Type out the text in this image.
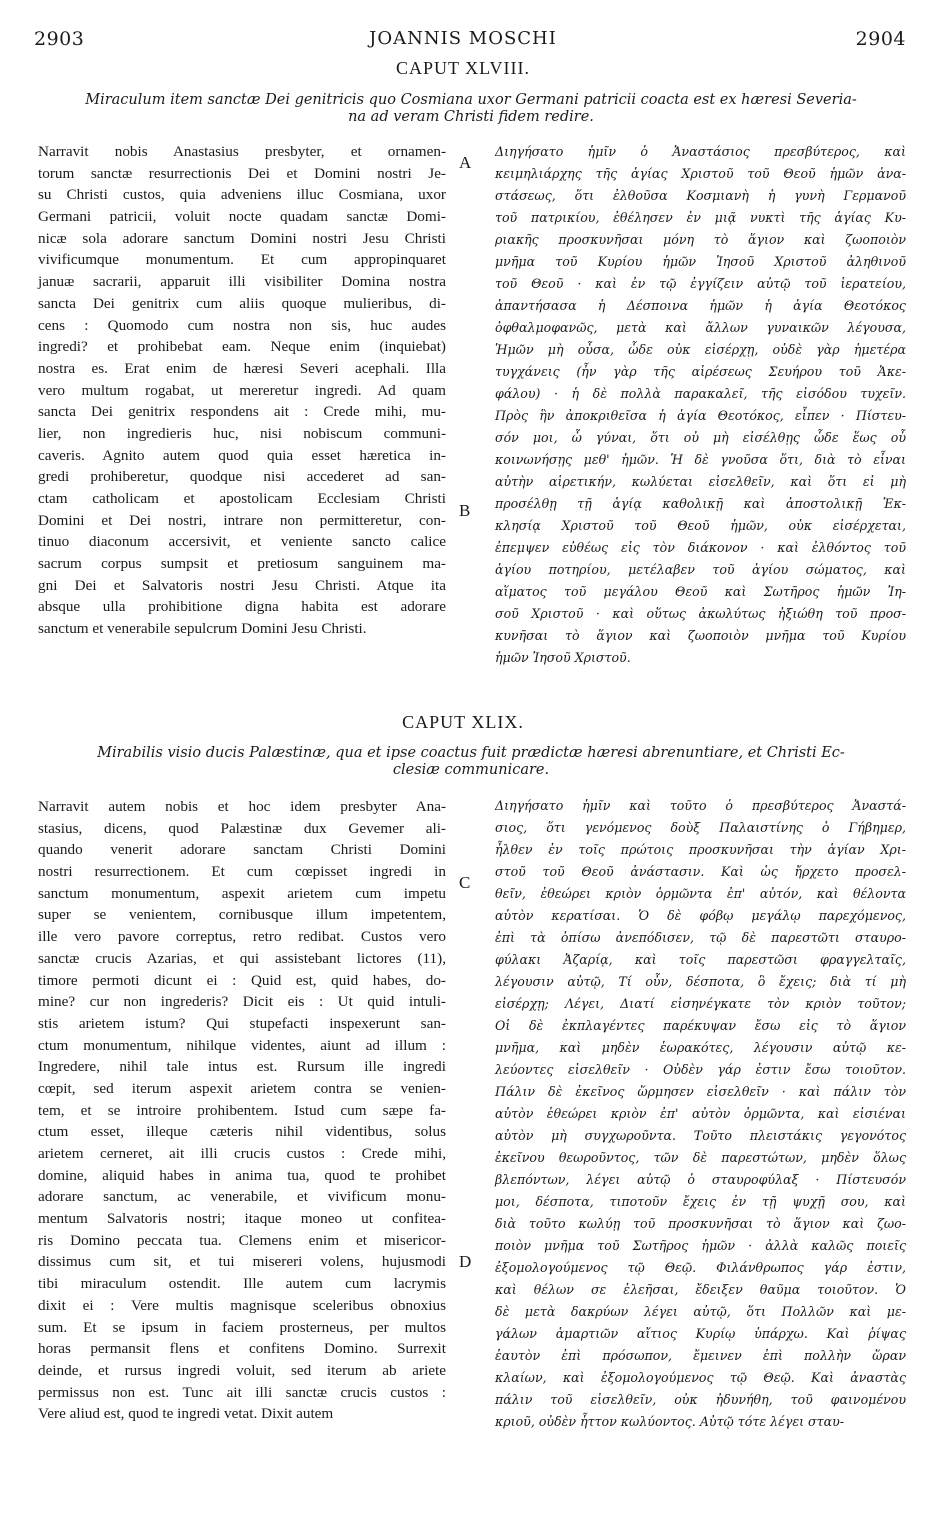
2903	JOANNIS MOSCHI	2904
CAPUT XLVIII.
Miraculum item sanctæ Dei genitricis quo Cosmiana uxor Germani patricii coacta est ex hæresi Severia-
na ad veram Christi fidem redire.
Narravit nobis Anastasius presbyter, et ornamen-
torum sanctæ resurrectionis Dei et Domini nostri Je-
su Christi custos, quia adveniens illuc Cosmiana, uxor
Germani patricii, voluit nocte quadam sanctæ Domi-
nicæ sola adorare sanctum Domini nostri Jesu Christi
vivificumque monumentum. Et cum appropinquaret
januæ sacrarii, apparuit illi visibiliter Domina nostra
sancta Dei genitrix cum aliis quoque mulieribus, di-
cens : Quomodo cum nostra non sis, huc audes
ingredi? et prohibebat eam. Neque enim (inquiebat)
nostra es. Erat enim de hæresi Severi acephali. Illa
vero multum rogabat, ut mereretur ingredi. Ad quam
sancta Dei genitrix respondens ait : Crede mihi, mu-
lier, non ingredieris huc, nisi nobiscum communi-
caveris. Agnito autem quod quia esset hæretica in-
gredi prohiberetur, quodque nisi accederet ad san-
ctam catholicam et apostolicam Ecclesiam Christi
Domini et Dei nostri, intrare non permitteretur, con-
tinuo diaconum accersivit, et veniente sancto calice
sacrum corpus sumpsit et pretiosum sanguinem ma-
gni Dei et Salvatoris nostri Jesu Christi. Atque ita
absque ulla prohibitione digna habita est adorare
sanctum et venerabile sepulcrum Domini Jesu Christi.
Διηγήσατο ἡμῖν ὁ Ἀναστάσιος πρεσβύτερος, καὶ
κειμηλιάρχης τῆς ἁγίας Χριστοῦ τοῦ Θεοῦ ἡμῶν ἀνα-
στάσεως, ὅτι ἐλθοῦσα Κοσμιανὴ ἡ γυνὴ Γερμανοῦ
τοῦ πατρικίου, ἐθέλησεν ἐν μιᾷ νυκτὶ τῆς ἁγίας Κυ-
ριακῆς προσκυνῆσαι μόνη τὸ ἅγιον καὶ ζωοποιὸν
μνῆμα τοῦ Κυρίου ἡμῶν Ἰησοῦ Χριστοῦ ἀληθινοῦ
τοῦ Θεοῦ · καὶ ἐν τῷ ἐγγίζειν αὐτῷ τοῦ ἱερατείου,
ἀπαντήσασα ἡ Δέσποινα ἡμῶν ἡ ἁγία Θεοτόκος
ὀφθαλμοφανῶς, μετὰ καὶ ἄλλων γυναικῶν λέγουσα,
Ἡμῶν μὴ οὖσα, ὧδε οὐκ εἰσέρχῃ, οὐδὲ γὰρ ἡμετέρα
τυγχάνεις (ἦν γὰρ τῆς αἱρέσεως Σευήρου τοῦ Ἀκε-
φάλου) · ἡ δὲ πολλὰ παρακαλεῖ, τῆς εἰσόδου τυχεῖν.
Πρὸς ἣν ἀποκριθεῖσα ἡ ἁγία Θεοτόκος, εἶπεν · Πίστευ-
σόν μοι, ὦ γύναι, ὅτι οὐ μὴ εἰσέλθῃς ὧδε ἕως οὗ
κοινωνήσῃς μεθ' ἡμῶν. Ἡ δὲ γνοῦσα ὅτι, διὰ τὸ εἶναι
αὐτὴν αἱρετικήν, κωλύεται εἰσελθεῖν, καὶ ὅτι εἰ μὴ
προσέλθῃ τῇ ἁγίᾳ καθολικῇ καὶ ἀποστολικῇ Ἐκ-
κλησίᾳ Χριστοῦ τοῦ Θεοῦ ἡμῶν, οὐκ εἰσέρχεται,
ἐπεμψεν εὐθέως εἰς τὸν διάκονον · καὶ ἐλθόντος τοῦ
ἁγίου ποτηρίου, μετέλαβεν τοῦ ἁγίου σώματος, καὶ
αἵματος τοῦ μεγάλου Θεοῦ καὶ Σωτῆρος ἡμῶν Ἰη-
σοῦ Χριστοῦ · καὶ οὕτως ἀκωλύτως ἠξιώθη τοῦ προσ-
κυνῆσαι τὸ ἅγιον καὶ ζωοποιὸν μνῆμα τοῦ Κυρίου
ἡμῶν Ἰησοῦ Χριστοῦ.
CAPUT XLIX.
Mirabilis visio ducis Palæstinæ, qua et ipse coactus fuit prædictæ hæresi abrenuntiare, et Christi Ec-
clesiæ communicare.
Narravit autem nobis et hoc idem presbyter Ana-
stasius, dicens, quod Palæstinæ dux Gevemer ali-
quando venerit adorare sanctam Christi Domini
nostri resurrectionem. Et cum cœpisset ingredi in
sanctum monumentum, aspexit arietem cum impetu
super se venientem, cornibusque illum impetentem,
ille vero pavore correptus, retro redibat. Custos vero
sanctæ crucis Azarias, et qui assistebant lictores (11),
timore permoti dicunt ei : Quid est, quid habes, do-
mine? cur non ingrederis? Dicit eis : Ut quid intuli-
stis arietem istum? Qui stupefacti inspexerunt san-
ctum monumentum, nihilque videntes, aiunt ad illum :
Ingredere, nihil tale intus est. Rursum ille ingredi
cœpit, sed iterum aspexit arietem contra se venien-
tem, et se introire prohibentem. Istud cum sæpe fa-
ctum esset, illeque cæteris nihil videntibus, solus
arietem cerneret, ait illi crucis custos : Crede mihi,
domine, aliquid habes in anima tua, quod te prohibet
adorare sanctum, ac venerabile, et vivificum monu-
mentum Salvatoris nostri; itaque moneo ut confitea-
ris Domino peccata tua. Clemens enim et misericor-
dissimus cum sit, et tui misereri volens, hujusmodi
tibi miraculum ostendit. Ille autem cum lacrymis
dixit ei : Vere multis magnisque sceleribus obnoxius
sum. Et se ipsum in faciem prosterneus, per multos
horas permansit flens et confitens Domino. Surrexit
deinde, et rursus ingredi voluit, sed iterum ab ariete
permissus non est. Tunc ait illi sanctæ crucis custos :
Vere aliud est, quod te ingredi vetat. Dixit autem
Διηγήσατο ἡμῖν καὶ τοῦτο ὁ πρεσβύτερος Ἀναστά-
σιος, ὅτι γενόμενος δοὺξ Παλαιστίνης ὁ Γήβημερ,
ἦλθεν ἐν τοῖς πρώτοις προσκυνῆσαι τὴν ἁγίαν Χρι-
στοῦ τοῦ Θεοῦ ἀνάστασιν. Καὶ ὡς ἤρχετο προσελ-
θεῖν, ἐθεώρει κριὸν ὁρμῶντα ἐπ' αὐτόν, καὶ θέλοντα
αὐτὸν κερατίσαι. Ὁ δὲ φόβῳ μεγάλῳ παρεχόμενος,
ἐπὶ τὰ ὀπίσω ἀνεπόδισεν, τῷ δὲ παρεστῶτι σταυρο-
φύλακι Ἀζαρίᾳ, καὶ τοῖς παρεστῶσι φραγγελταῖς,
λέγουσιν αὐτῷ, Τί οὖν, δέσποτα, ὃ ἔχεις; διὰ τί μὴ
εἰσέρχῃ; Λέγει, Διατί εἰσηνέγκατε τὸν κριὸν τοῦτον;
Οἱ δὲ ἐκπλαγέντες παρέκυψαν ἔσω εἰς τὸ ἅγιον
μνῆμα, καὶ μηδὲν ἑωρακότες, λέγουσιν αὐτῷ κε-
λεύοντες εἰσελθεῖν · Οὐδὲν γάρ ἐστιν ἔσω τοιοῦτον.
Πάλιν δὲ ἐκεῖνος ὥρμησεν εἰσελθεῖν · καὶ πάλιν τὸν
αὐτὸν ἐθεώρει κριὸν ἐπ' αὐτὸν ὁρμῶντα, καὶ εἰσιέναι
αὐτὸν μὴ συγχωροῦντα. Τοῦτο πλειστάκις γεγονότος
ἐκεῖνου θεωροῦντος, τῶν δὲ παρεστώτων, μηδὲν ὅλως
βλεπόντων, λέγει αὐτῷ ὁ σταυροφύλαξ · Πίστευσόν
μοι, δέσποτα, τιποτοῦν ἔχεις ἐν τῇ ψυχῇ σου, καὶ
διὰ τοῦτο κωλύῃ τοῦ προσκυνῆσαι τὸ ἅγιον καὶ ζωο-
ποιὸν μνῆμα τοῦ Σωτῆρος ἡμῶν · ἀλλὰ καλῶς ποιεῖς
ἐξομολογούμενος τῷ Θεῷ. Φιλάνθρωπος γάρ ἐστιν,
καὶ θέλων σε ἐλεῆσαι, ἔδειξεν θαῦμα τοιοῦτον. Ὁ
δὲ μετὰ δακρύων λέγει αὐτῷ, ὅτι Πολλῶν καὶ με-
γάλων ἁμαρτιῶν αἴτιος Κυρίῳ ὑπάρχω. Καὶ ῥίψας
ἑαυτὸν ἐπὶ πρόσωπον, ἔμεινεν ἐπὶ πολλὴν ὥραν
κλαίων, καὶ ἐξομολογούμενος τῷ Θεῷ. Καὶ ἀναστὰς
πάλιν τοῦ εἰσελθεῖν, οὐκ ἠδυνήθη, τοῦ φαινομένου
κριοῦ, οὐδὲν ἧττον κωλύοντος. Αὐτῷ τότε λέγει σταυ-
A
B
C
D
